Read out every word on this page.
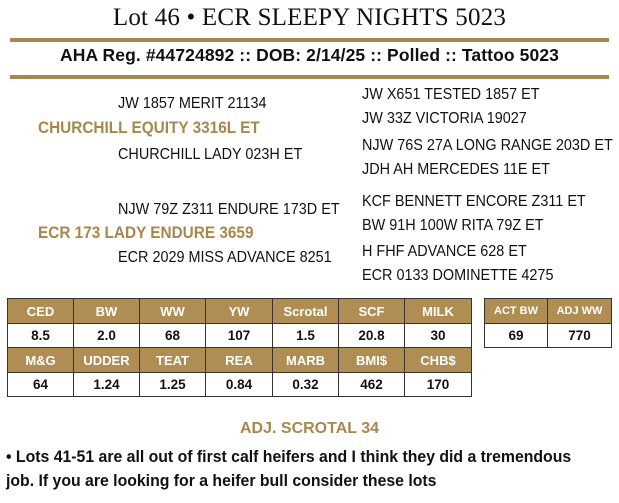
Lot 46 • ECR SLEEPY NIGHTS 5023
AHA Reg. #44724892 :: DOB: 2/14/25 :: Polled :: Tattoo 5023
JW 1857 MERIT 21134
CHURCHILL EQUITY 3316L ET
CHURCHILL LADY 023H ET
JW X651 TESTED 1857 ET
JW 33Z VICTORIA 19027
NJW 76S 27A LONG RANGE 203D ET
JDH AH MERCEDES 11E ET
NJW 79Z Z311 ENDURE 173D ET
ECR 173 LADY ENDURE 3659
ECR 2029 MISS ADVANCE 8251
KCF BENNETT ENCORE Z311 ET
BW 91H 100W RITA 79Z ET
H FHF ADVANCE 628 ET
ECR 0133 DOMINETTE 4275
CED	BW	WW	YW	Scrotal	SCF	MILK
8.5	2.0	68	107	1.5	20.8	30
M&G	UDDER	TEAT	REA	MARB	BMI$	CHB$
64	1.24	1.25	0.84	0.32	462	170
ACT BW	ADJ WW
69	770
ADJ. SCROTAL 34
• Lots 41-51 are all out of first calf heifers and I think they did a tremendous
job. If you are looking for a heifer bull consider these lots
